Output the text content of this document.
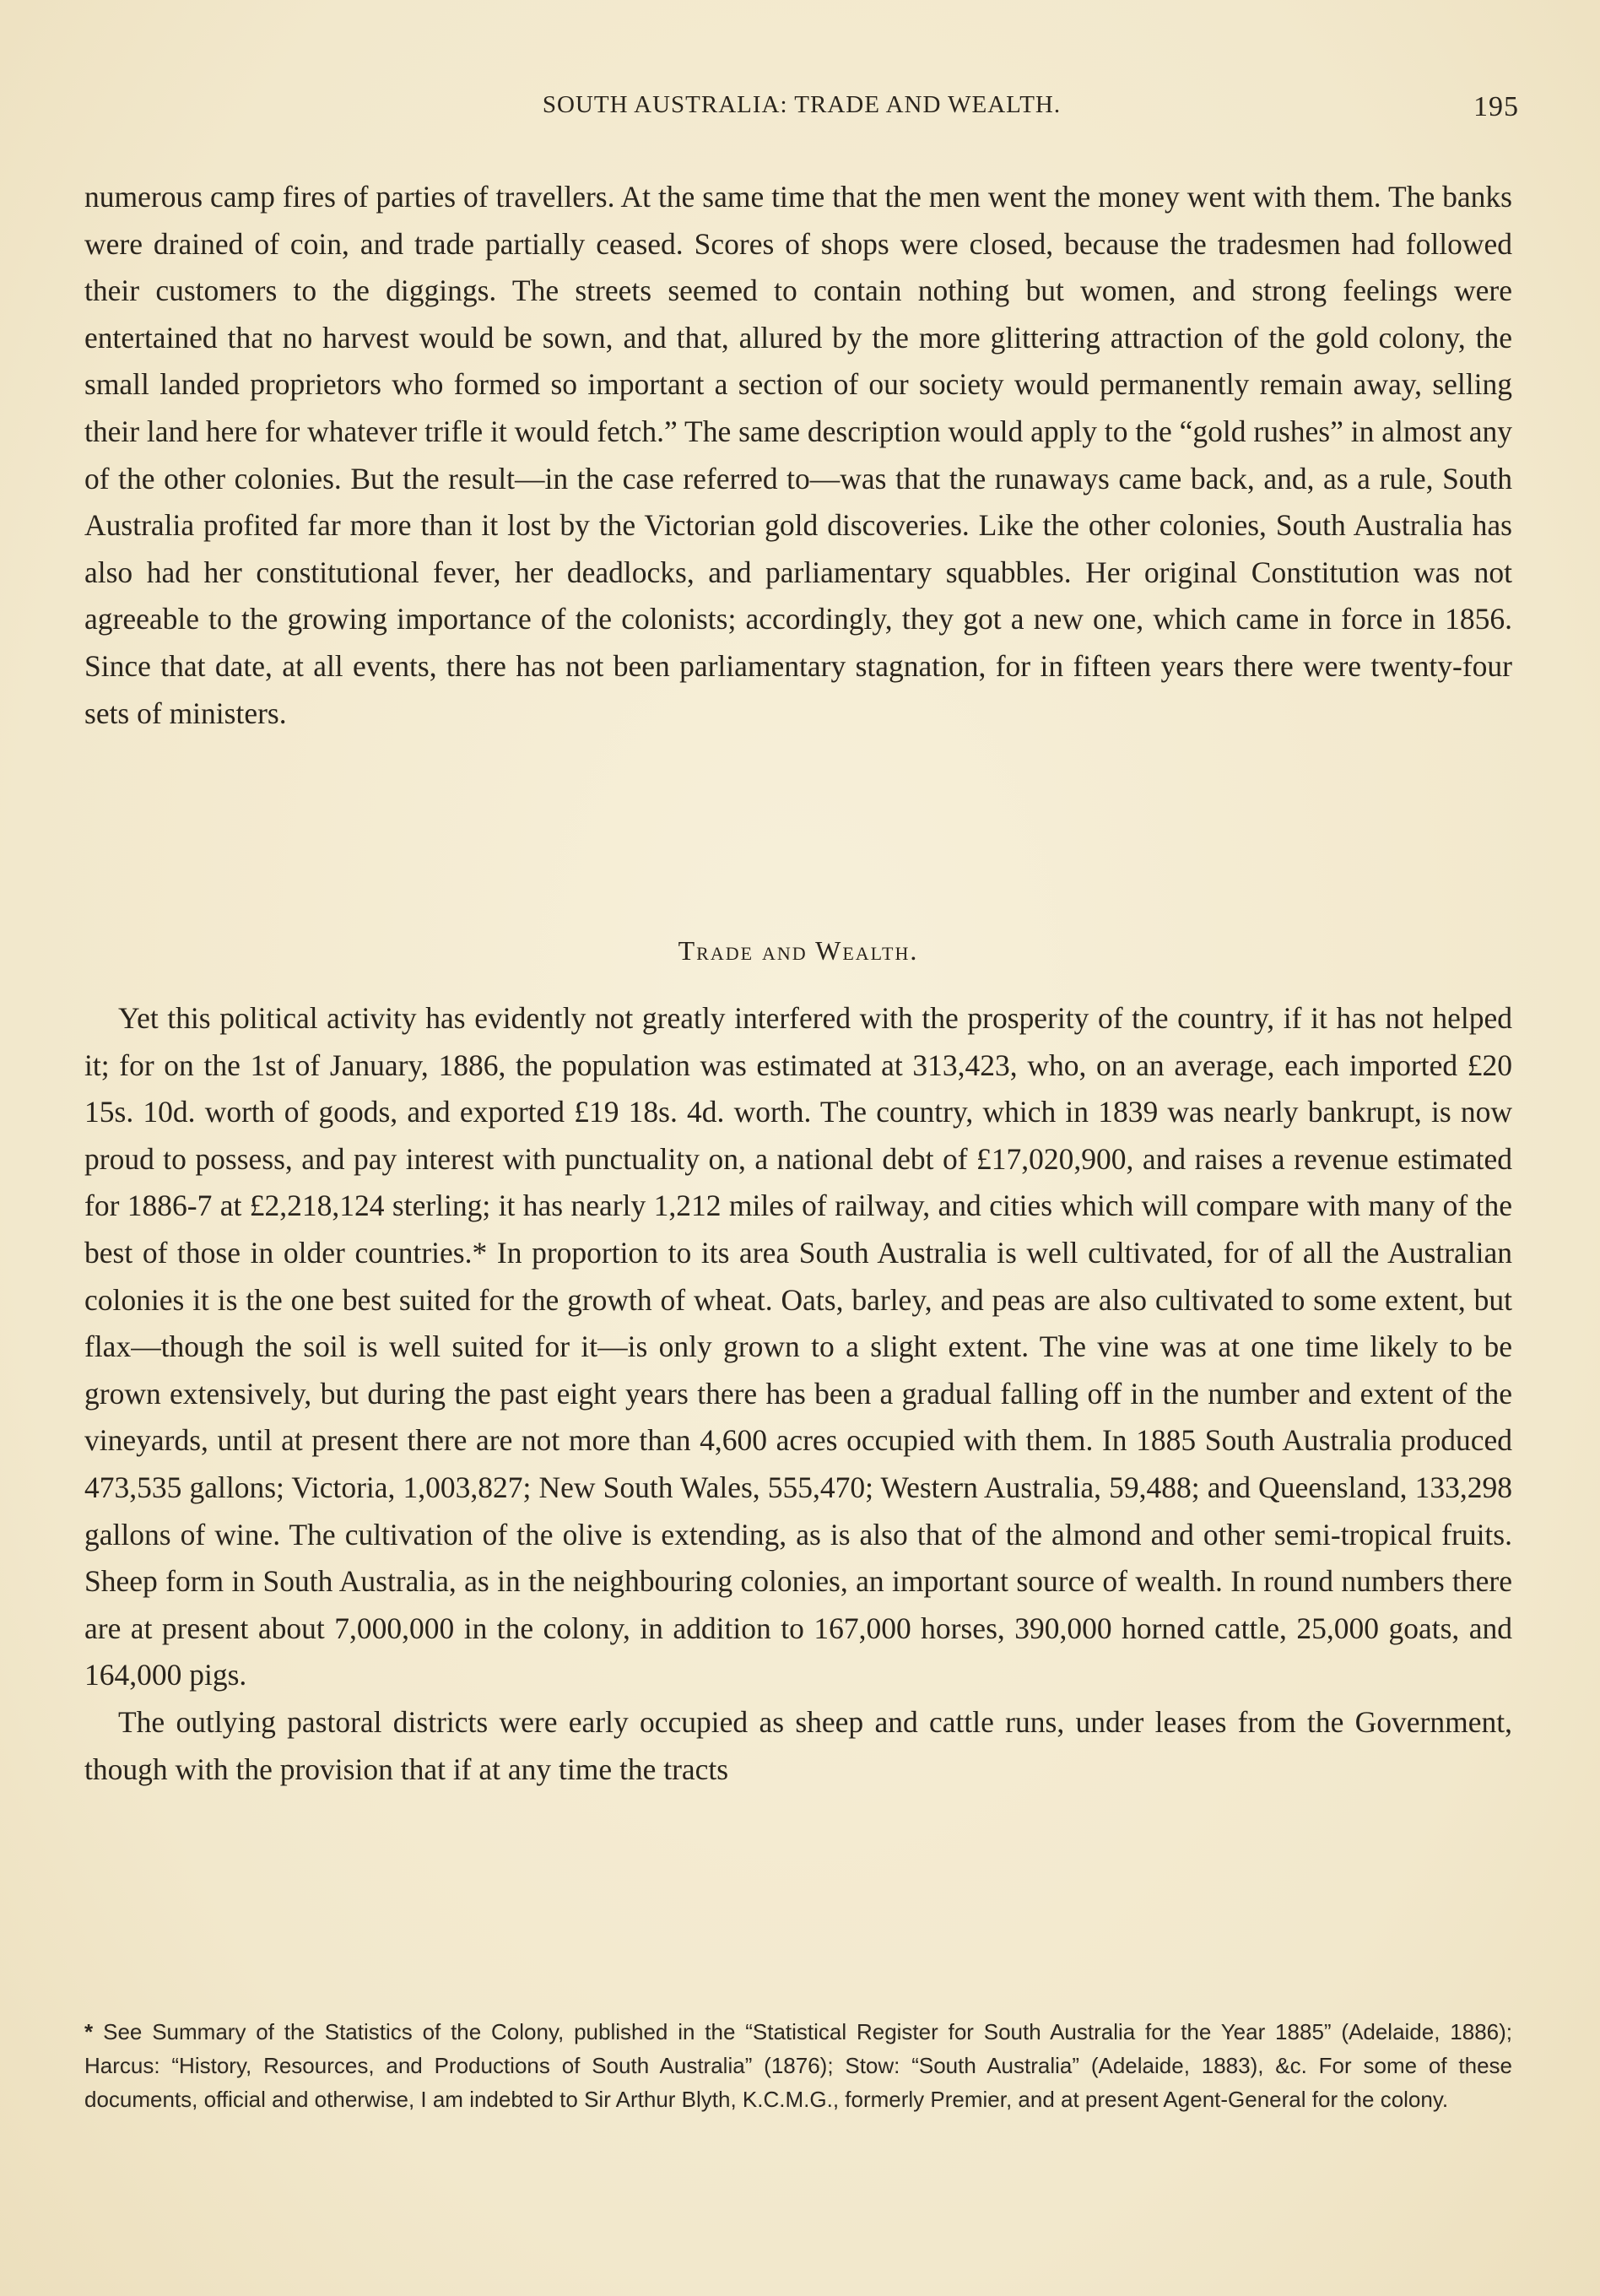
SOUTH AUSTRALIA: TRADE AND WEALTH.	195

numerous camp fires of parties of travellers. At the same time that the men went the money went with them. The banks were drained of coin, and trade partially ceased. Scores of shops were closed, because the tradesmen had followed their customers to the diggings. The streets seemed to contain nothing but women, and strong feelings were entertained that no harvest would be sown, and that, allured by the more glittering attraction of the gold colony, the small landed proprietors who formed so important a section of our society would permanently remain away, selling their land here for whatever trifle it would fetch.” The same description would apply to the “gold rushes” in almost any of the other colonies. But the result—in the case referred to—was that the runaways came back, and, as a rule, South Australia profited far more than it lost by the Victorian gold discoveries. Like the other colonies, South Australia has also had her constitutional fever, her deadlocks, and parliamentary squabbles. Her original Constitution was not agreeable to the growing importance of the colonists; accordingly, they got a new one, which came in force in 1856. Since that date, at all events, there has not been parliamentary stagnation, for in fifteen years there were twenty-four sets of ministers.

Trade and Wealth.

Yet this political activity has evidently not greatly interfered with the prosperity of the country, if it has not helped it; for on the 1st of January, 1886, the population was estimated at 313,423, who, on an average, each imported £20 15s. 10d. worth of goods, and exported £19 18s. 4d. worth. The country, which in 1839 was nearly bankrupt, is now proud to possess, and pay interest with punctuality on, a national debt of £17,020,900, and raises a revenue estimated for 1886-7 at £2,218,124 sterling; it has nearly 1,212 miles of railway, and cities which will compare with many of the best of those in older countries.* In proportion to its area South Australia is well cultivated, for of all the Australian colonies it is the one best suited for the growth of wheat. Oats, barley, and peas are also cultivated to some extent, but flax—though the soil is well suited for it—is only grown to a slight extent. The vine was at one time likely to be grown extensively, but during the past eight years there has been a gradual falling off in the number and extent of the vineyards, until at present there are not more than 4,600 acres occupied with them. In 1885 South Australia produced 473,535 gallons; Victoria, 1,003,827; New South Wales, 555,470; Western Australia, 59,488; and Queensland, 133,298 gallons of wine. The cultivation of the olive is extending, as is also that of the almond and other semi-tropical fruits. Sheep form in South Australia, as in the neighbouring colonies, an important source of wealth. In round numbers there are at present about 7,000,000 in the colony, in addition to 167,000 horses, 390,000 horned cattle, 25,000 goats, and 164,000 pigs.

The outlying pastoral districts were early occupied as sheep and cattle runs, under leases from the Government, though with the provision that if at any time the tracts

* See Summary of the Statistics of the Colony, published in the “Statistical Register for South Australia for the Year 1885” (Adelaide, 1886); Harcus: “History, Resources, and Productions of South Australia” (1876); Stow: “South Australia” (Adelaide, 1883), &c. For some of these documents, official and otherwise, I am indebted to Sir Arthur Blyth, K.C.M.G., formerly Premier, and at present Agent-General for the colony.
